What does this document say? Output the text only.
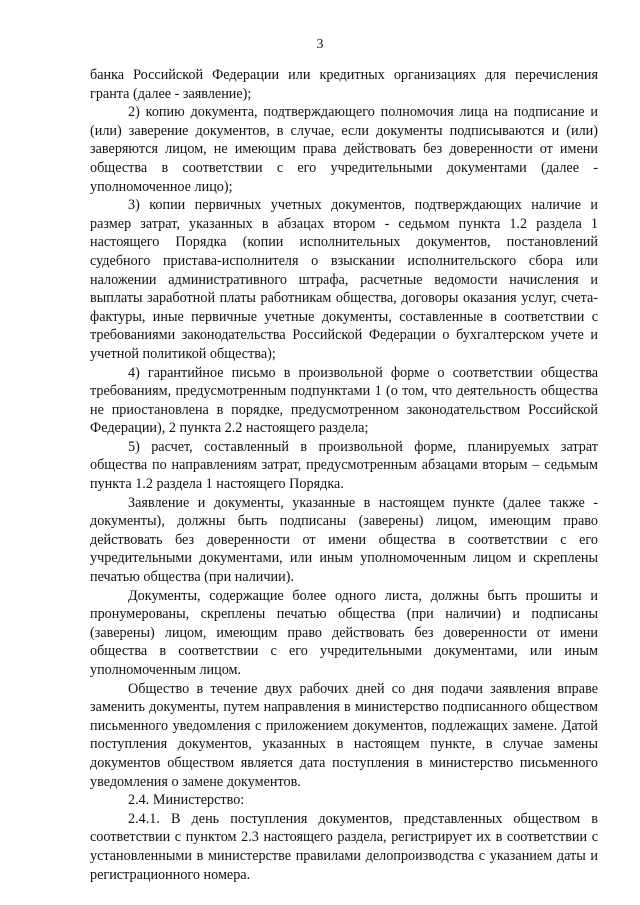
3

банка Российской Федерации или кредитных организациях для перечисления гранта (далее - заявление);

2) копию документа, подтверждающего полномочия лица на подписание и (или) заверение документов, в случае, если документы подписываются и (или) заверяются лицом, не имеющим права действовать без доверенности от имени общества в соответствии с его учредительными документами (далее - уполномоченное лицо);

3) копии первичных учетных документов, подтверждающих наличие и размер затрат, указанных в абзацах втором - седьмом пункта 1.2 раздела 1 настоящего Порядка (копии исполнительных документов, постановлений судебного пристава-исполнителя о взыскании исполнительского сбора или наложении административного штрафа, расчетные ведомости начисления и выплаты заработной платы работникам общества, договоры оказания услуг, счета-фактуры, иные первичные учетные документы, составленные в соответствии с требованиями законодательства Российской Федерации о бухгалтерском учете и учетной политикой общества);

4) гарантийное письмо в произвольной форме о соответствии общества требованиям, предусмотренным подпунктами 1 (о том, что деятельность общества не приостановлена в порядке, предусмотренном законодательством Российской Федерации), 2 пункта 2.2 настоящего раздела;

5) расчет, составленный в произвольной форме, планируемых затрат общества по направлениям затрат, предусмотренным абзацами вторым – седьмым пункта 1.2 раздела 1 настоящего Порядка.

Заявление и документы, указанные в настоящем пункте (далее также - документы), должны быть подписаны (заверены) лицом, имеющим право действовать без доверенности от имени общества в соответствии с его учредительными документами, или иным уполномоченным лицом и скреплены печатью общества (при наличии).

Документы, содержащие более одного листа, должны быть прошиты и пронумерованы, скреплены печатью общества (при наличии) и подписаны (заверены) лицом, имеющим право действовать без доверенности от имени общества в соответствии с его учредительными документами, или иным уполномоченным лицом.

Общество в течение двух рабочих дней со дня подачи заявления вправе заменить документы, путем направления в министерство подписанного обществом письменного уведомления с приложением документов, подлежащих замене. Датой поступления документов, указанных в настоящем пункте, в случае замены документов обществом является дата поступления в министерство письменного уведомления о замене документов.

2.4. Министерство:

2.4.1. В день поступления документов, представленных обществом в соответствии с пунктом 2.3 настоящего раздела, регистрирует их в соответствии с установленными в министерстве правилами делопроизводства с указанием даты и регистрационного номера.
